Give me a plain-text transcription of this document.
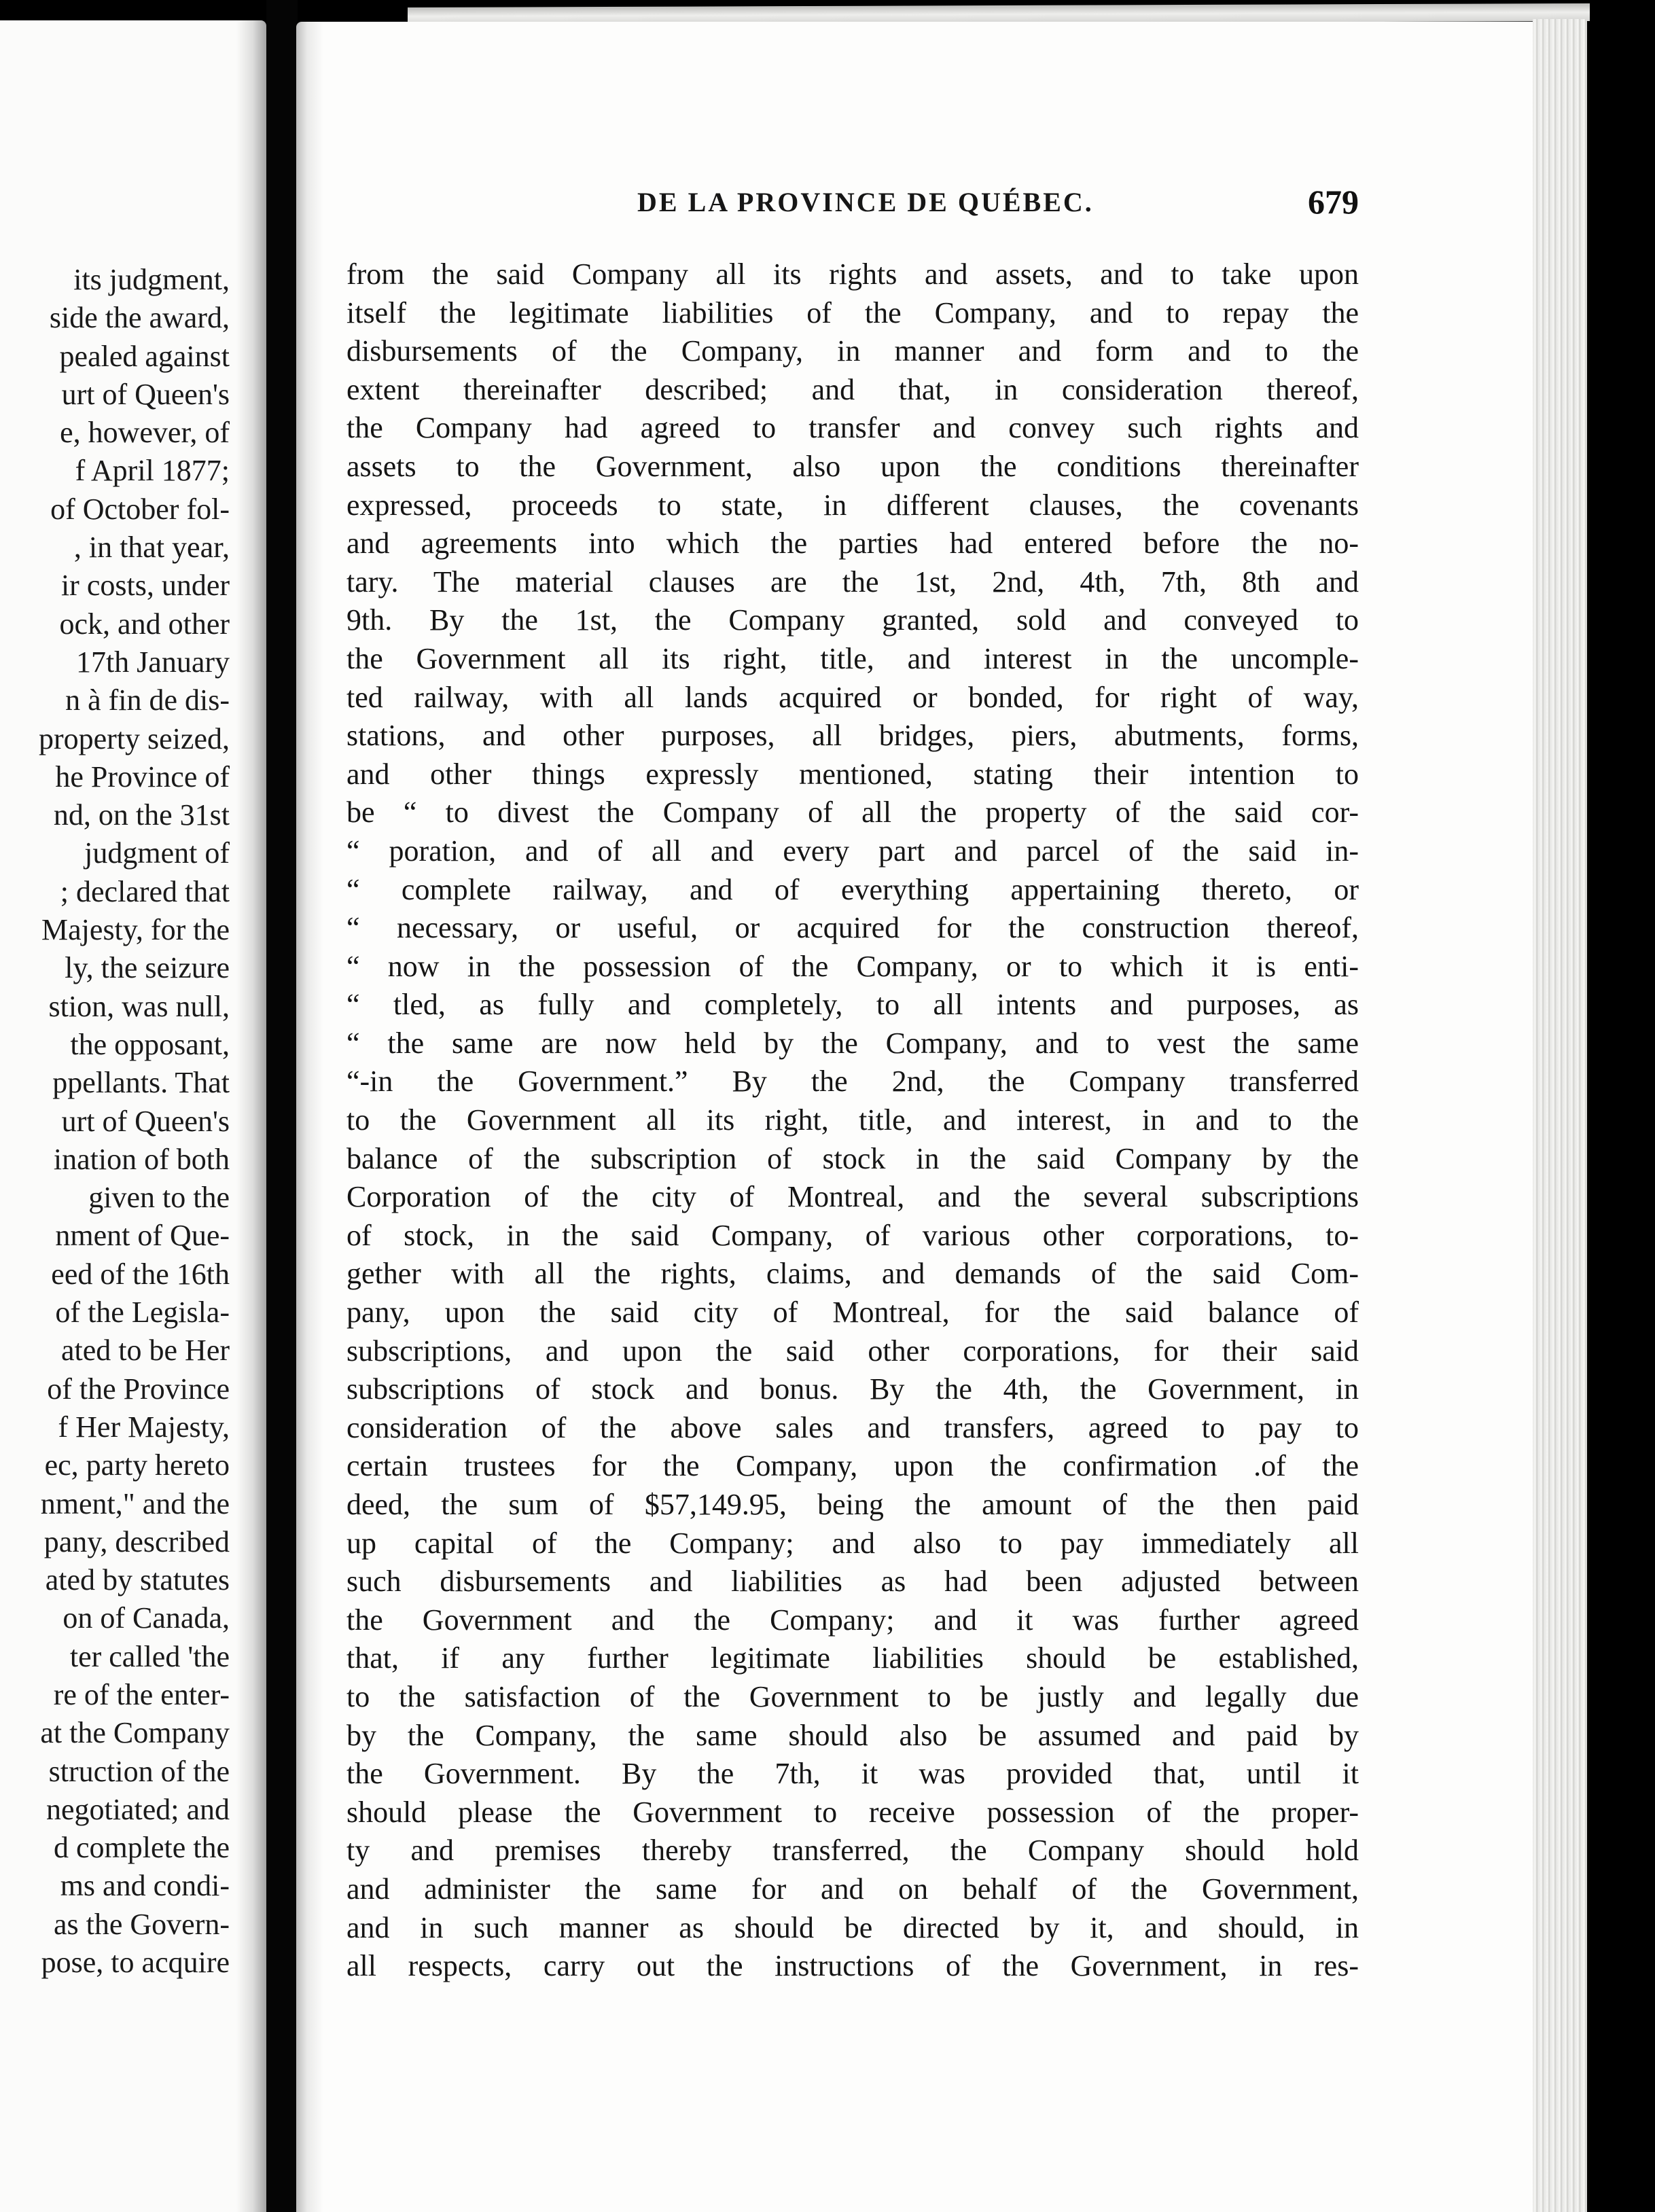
its judgment,
side the award,
pealed against
urt of Queen's
e, however, of
f April 1877;
of October fol-
, in that year,
ir costs, under
ock, and other
17th January
n à fin de dis-
property seized,
he Province of
nd, on the 31st
judgment of
; declared that
Majesty, for the
ly, the seizure
stion, was null,
the opposant,
ppellants. That
urt of Queen's
ination of both
given to the
nment of Que-
eed of the 16th
of the Legisla-
ated to be Her
of the Province
f Her Majesty,
ec, party hereto
nment," and the
pany, described
ated by statutes
on of Canada,
ter called 'the
re of the enter-
at the Company
struction of the
negotiated; and
d complete the
ms and condi-
as the Govern-
pose, to acquire
DE LA PROVINCE DE QUÉBEC.	679
from the said Company all its rights and assets, and to take upon
itself the legitimate liabilities of the Company, and to repay the
disbursements of the Company, in manner and form and to the
extent thereinafter described; and that, in consideration thereof,
the Company had agreed to transfer and convey such rights and
assets to the Government, also upon the conditions thereinafter
expressed, proceeds to state, in different clauses, the covenants
and agreements into which the parties had entered before the no-
tary. The material clauses are the 1st, 2nd, 4th, 7th, 8th and
9th. By the 1st, the Company granted, sold and conveyed to
the Government all its right, title, and interest in the uncomple-
ted railway, with all lands acquired or bonded, for right of way,
stations, and other purposes, all bridges, piers, abutments, forms,
and other things expressly mentioned, stating their intention to
be “ to divest the Company of all the property of the said cor-
“ poration, and of all and every part and parcel of the said in-
“ complete railway, and of everything appertaining thereto, or
“ necessary, or useful, or acquired for the construction thereof,
“ now in the possession of the Company, or to which it is enti-
“ tled, as fully and completely, to all intents and purposes, as
“ the same are now held by the Company, and to vest the same
“-in the Government.” By the 2nd, the Company transferred
to the Government all its right, title, and interest, in and to the
balance of the subscription of stock in the said Company by the
Corporation of the city of Montreal, and the several subscriptions
of stock, in the said Company, of various other corporations, to-
gether with all the rights, claims, and demands of the said Com-
pany, upon the said city of Montreal, for the said balance of
subscriptions, and upon the said other corporations, for their said
subscriptions of stock and bonus. By the 4th, the Government, in
consideration of the above sales and transfers, agreed to pay to
certain trustees for the Company, upon the confirmation .of the
deed, the sum of $57,149.95, being the amount of the then paid
up capital of the Company; and also to pay immediately all
such disbursements and liabilities as had been adjusted between
the Government and the Company; and it was further agreed
that, if any further legitimate liabilities should be established,
to the satisfaction of the Government to be justly and legally due
by the Company, the same should also be assumed and paid by
the Government. By the 7th, it was provided that, until it
should please the Government to receive possession of the proper-
ty and premises thereby transferred, the Company should hold
and administer the same for and on behalf of the Government,
and in such manner as should be directed by it, and should, in
all respects, carry out the instructions of the Government, in res-
